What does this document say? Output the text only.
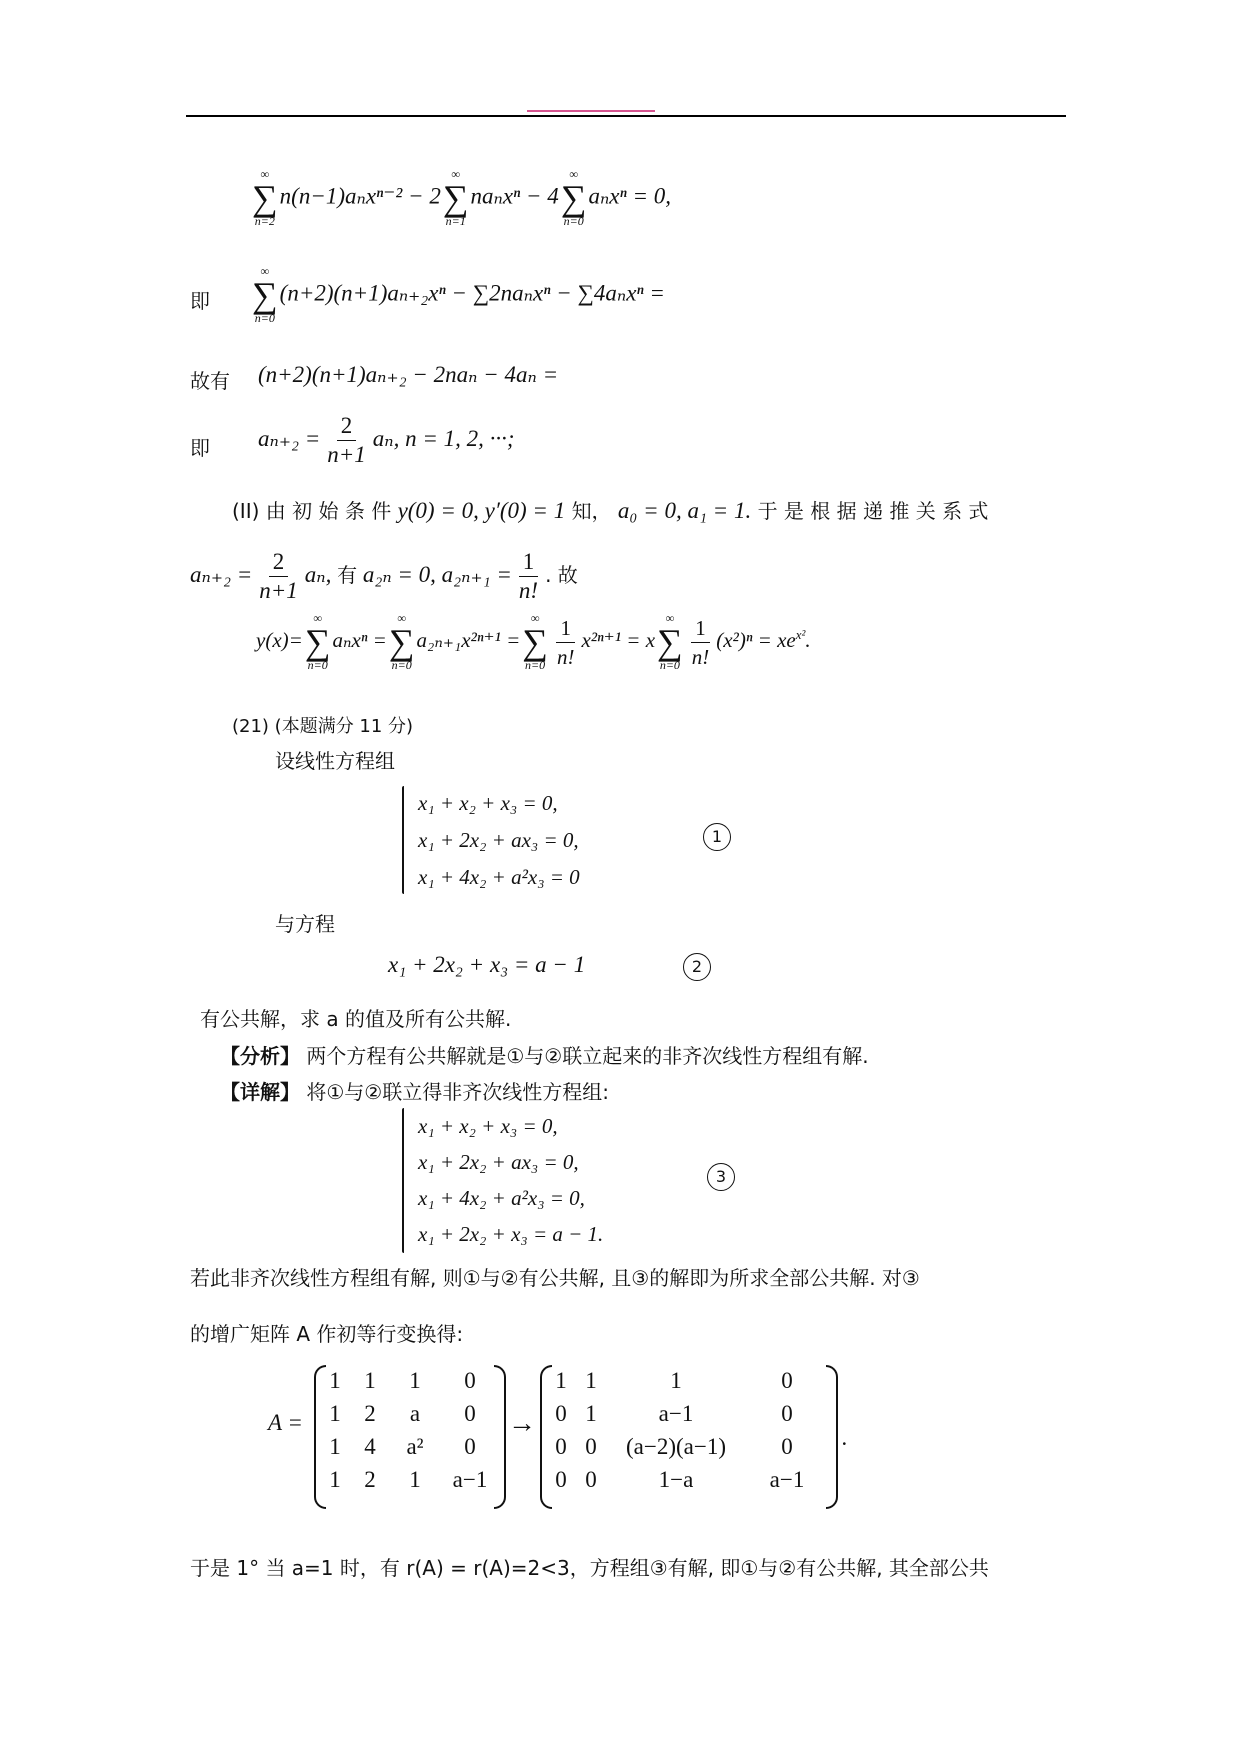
∞
∑
n=2
n(n−1)aₙxⁿ⁻² − 2
∞
∑
n=1
naₙxⁿ − 4
∞
∑
n=0
aₙxⁿ = 0,
即
∞
∑
n=0
(n+2)(n+1)aₙ₊₂xⁿ − ∑2naₙxⁿ − ∑4aₙxⁿ =
故有 (n+2)(n+1)aₙ₊₂ − 2naₙ − 4aₙ =
即 $a_{n+2} = \frac{2}{n+1} a_n$, n = 1, 2, ···;
(II) 由 初 始 条 件 y(0) = 0, y′(0) = 1 知， a₀ = 0, a₁ = 1. 于 是 根 据 递 推 关 系 式
$a_{n+2} = \frac{2}{n+1} a_n$, 有 a₂ₙ = 0, $a_{2n+1} = \frac{1}{n!}$ . 故
y(x)=
∞
∑
n=0
aₙxⁿ =
∞
∑
n=0
a₂ₙ₊₁x²ⁿ⁺¹ =
∞
∑
$n=0 \frac{1}{n!} x^{2n+1} = x$
∞
∑
$n=0 \frac{1}{n!} (x^2)^n = xe^{x^2}$.
(21) (本题满分 11 分)
设线性方程组
x₁ + x₂ + x₃ = 0,
x₁ + 2x₂ + ax₃ = 0,
x₁ + 4x₂ + a²x₃ = 0
1
与方程
x₁ + 2x₂ + x₃ = a − 1	2
有公共解，求 a 的值及所有公共解.
【分析】 两个方程有公共解就是①与②联立起来的非齐次线性方程组有解.
【详解】 将①与②联立得非齐次线性方程组:
x₁ + x₂ + x₃ = 0,
x₁ + 2x₂ + ax₃ = 0,
x₁ + 4x₂ + a²x₃ = 0,
x₁ + 2x₂ + x₃ = a − 1.
3
若此非齐次线性方程组有解, 则①与②有公共解, 且③的解即为所求全部公共解. 对③
的增广矩阵 A 作初等行变换得:
A =
1	1	1	0
1	2	a	0
1	4	a²	0
1	2	1	a−1
→
1 1	1	0
0 1	a−1	0
0 0	(a−2)(a−1)	0
0 0	1−a	a−1
.
于是 1° 当 a=1 时，有 r(A) = r(A)=2<3，方程组③有解, 即①与②有公共解, 其全部公共
